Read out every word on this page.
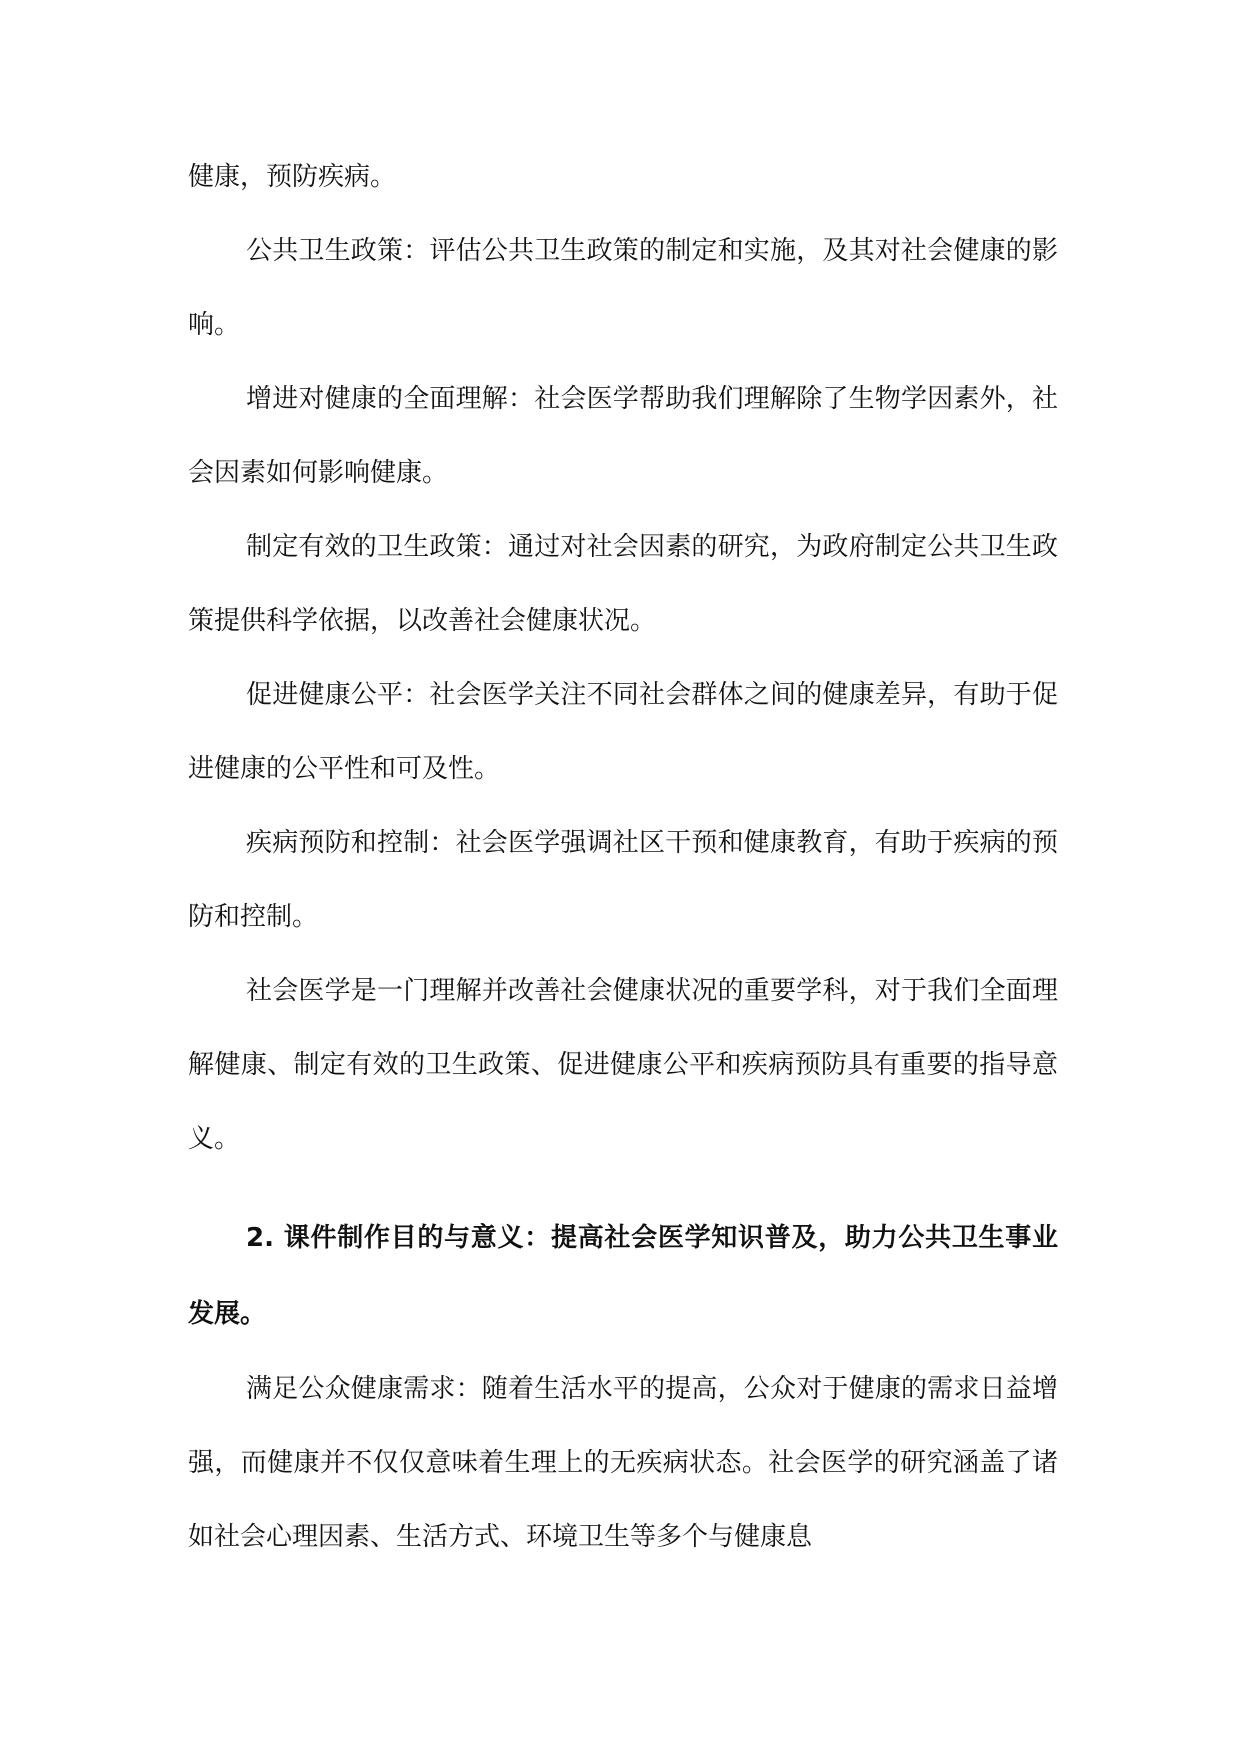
健康，预防疾病。

公共卫生政策：评估公共卫生政策的制定和实施，及其对社会健康的影响。

增进对健康的全面理解：社会医学帮助我们理解除了生物学因素外，社会因素如何影响健康。

制定有效的卫生政策：通过对社会因素的研究，为政府制定公共卫生政策提供科学依据，以改善社会健康状况。

促进健康公平：社会医学关注不同社会群体之间的健康差异，有助于促进健康的公平性和可及性。

疾病预防和控制：社会医学强调社区干预和健康教育，有助于疾病的预防和控制。

社会医学是一门理解并改善社会健康状况的重要学科，对于我们全面理解健康、制定有效的卫生政策、促进健康公平和疾病预防具有重要的指导意义。

2. 课件制作目的与意义：提高社会医学知识普及，助力公共卫生事业发展。

满足公众健康需求：随着生活水平的提高，公众对于健康的需求日益增强，而健康并不仅仅意味着生理上的无疾病状态。社会医学的研究涵盖了诸如社会心理因素、生活方式、环境卫生等多个与健康息
